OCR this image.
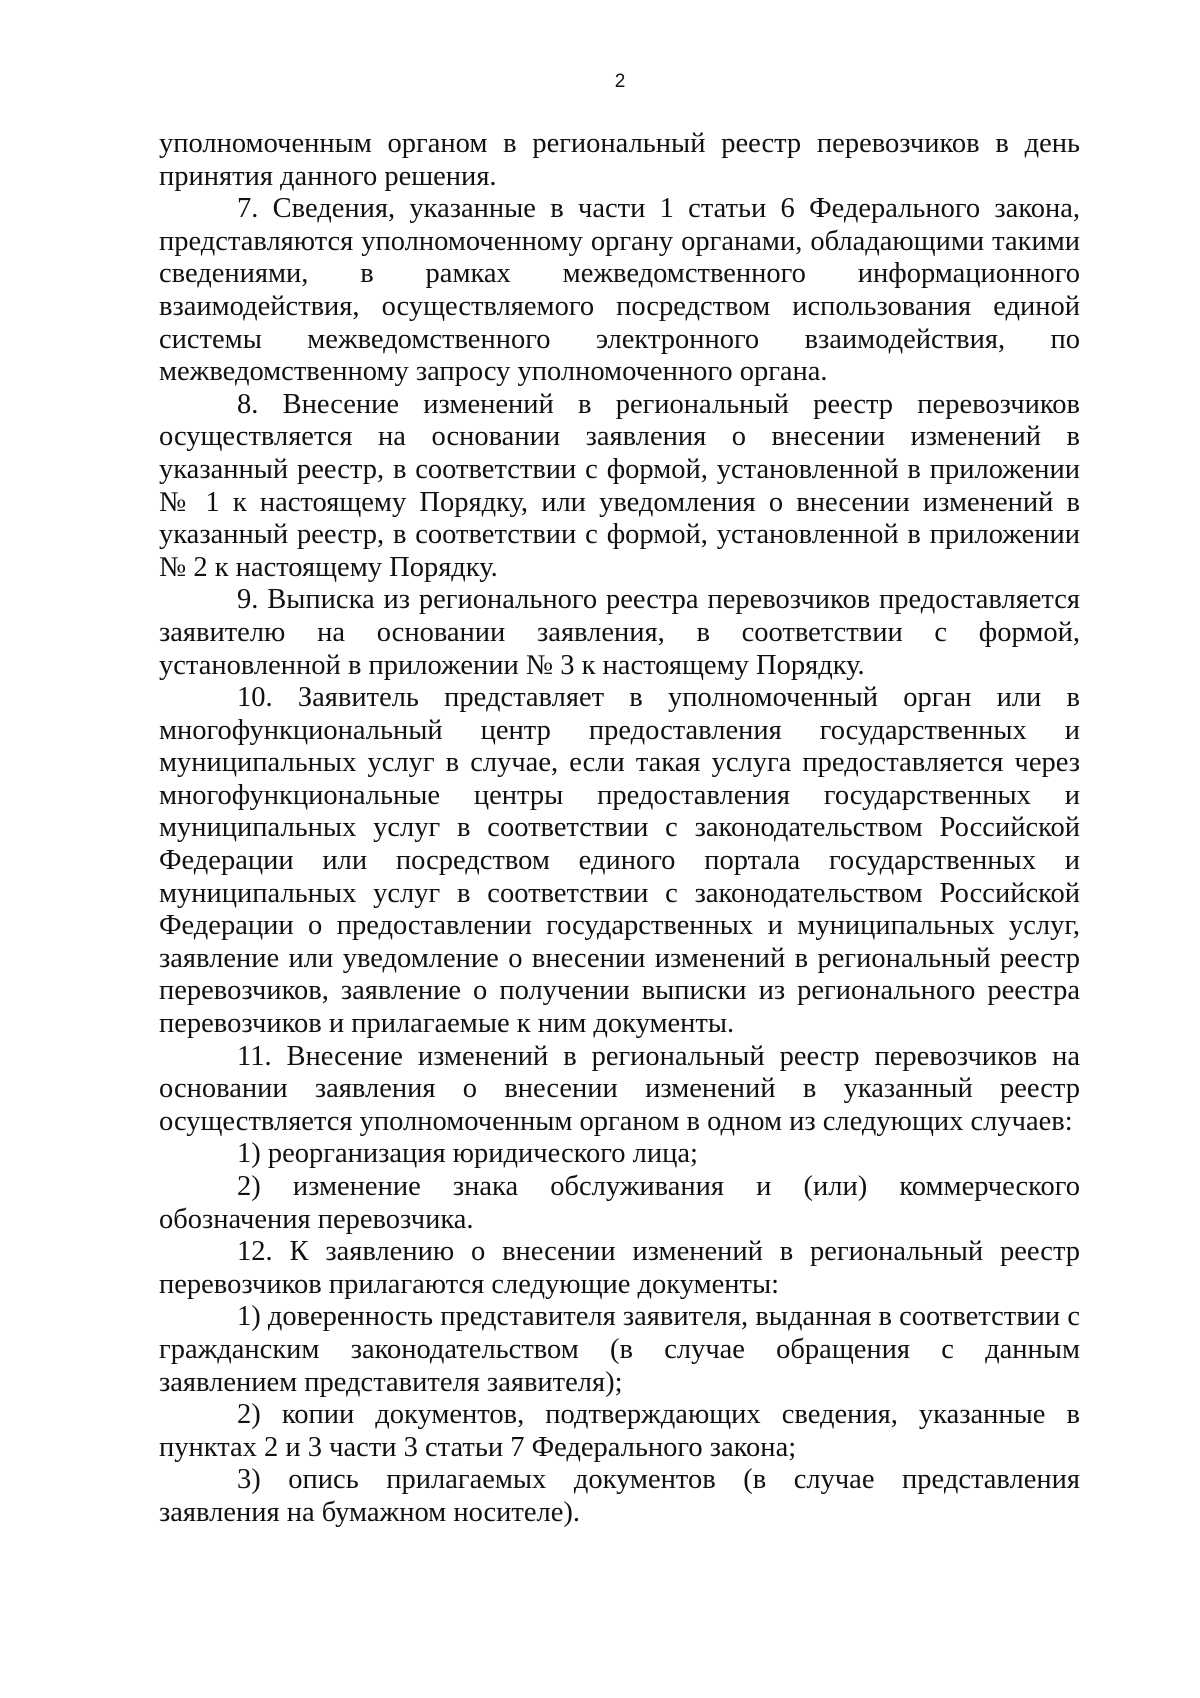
2

уполномоченным органом в региональный реестр перевозчиков в день принятия данного решения.

7. Сведения, указанные в части 1 статьи 6 Федерального закона, представляются уполномоченному органу органами, обладающими такими сведениями, в рамках межведомственного информационного взаимодействия, осуществляемого посредством использования единой системы межведомственного электронного взаимодействия, по межведомственному запросу уполномоченного органа.

8. Внесение изменений в региональный реестр перевозчиков осуществляется на основании заявления о внесении изменений в указанный реестр, в соответствии с формой, установленной в приложении № 1 к настоящему Порядку, или уведомления о внесении изменений в указанный реестр, в соответствии с формой, установленной в приложении № 2 к настоящему Порядку.

9. Выписка из регионального реестра перевозчиков предоставляется заявителю на основании заявления, в соответствии с формой, установленной в приложении № 3 к настоящему Порядку.

10. Заявитель представляет в уполномоченный орган или в многофункциональный центр предоставления государственных и муниципальных услуг в случае, если такая услуга предоставляется через многофункциональные центры предоставления государственных и муниципальных услуг в соответствии с законодательством Российской Федерации или посредством единого портала государственных и муниципальных услуг в соответствии с законодательством Российской Федерации о предоставлении государственных и муниципальных услуг, заявление или уведомление о внесении изменений в региональный реестр перевозчиков, заявление о получении выписки из регионального реестра перевозчиков и прилагаемые к ним документы.

11. Внесение изменений в региональный реестр перевозчиков на основании заявления о внесении изменений в указанный реестр осуществляется уполномоченным органом в одном из следующих случаев:

1) реорганизация юридического лица;

2) изменение знака обслуживания и (или) коммерческого обозначения перевозчика.

12. К заявлению о внесении изменений в региональный реестр перевозчиков прилагаются следующие документы:

1) доверенность представителя заявителя, выданная в соответствии с гражданским законодательством (в случае обращения с данным заявлением представителя заявителя);

2) копии документов, подтверждающих сведения, указанные в пунктах 2 и 3 части 3 статьи 7 Федерального закона;

3) опись прилагаемых документов (в случае представления заявления на бумажном носителе).
